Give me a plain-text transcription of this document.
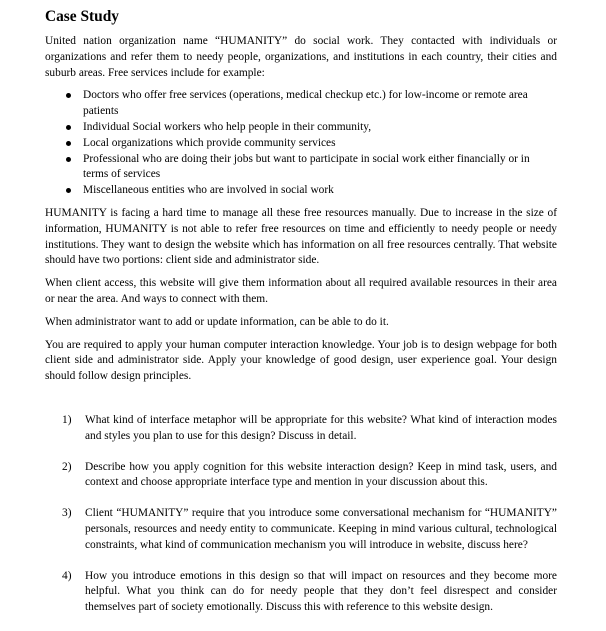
Case Study

United nation organization name “HUMANITY” do social work. They contacted with individuals or organizations and refer them to needy people, organizations, and institutions in each country, their cities and suburb areas. Free services include for example:

Doctors who offer free services (operations, medical checkup etc.) for low-income or remote area patients
Individual Social workers who help people in their community,
Local organizations which provide community services
Professional who are doing their jobs but want to participate in social work either financially or in terms of services
Miscellaneous entities who are involved in social work

HUMANITY is facing a hard time to manage all these free resources manually. Due to increase in the size of information, HUMANITY is not able to refer free resources on time and efficiently to needy people or needy institutions. They want to design the website which has information on all free resources centrally. That website should have two portions: client side and administrator side.

When client access, this website will give them information about all required available resources in their area or near the area. And ways to connect with them.

When administrator want to add or update information, can be able to do it.

You are required to apply your human computer interaction knowledge. Your job is to design webpage for both client side and administrator side. Apply your knowledge of good design, user experience goal. Your design should follow design principles.

1) What kind of interface metaphor will be appropriate for this website? What kind of interaction modes and styles you plan to use for this design? Discuss in detail.
2) Describe how you apply cognition for this website interaction design? Keep in mind task, users, and context and choose appropriate interface type and mention in your discussion about this.
3) Client “HUMANITY” require that you introduce some conversational mechanism for “HUMANITY” personals, resources and needy entity to communicate. Keeping in mind various cultural, technological constraints, what kind of communication mechanism you will introduce in website, discuss here?
4) How you introduce emotions in this design so that will impact on resources and they become more helpful. What you think can do for needy people that they don’t feel disrespect and consider themselves part of society emotionally. Discuss this with reference to this website design.
